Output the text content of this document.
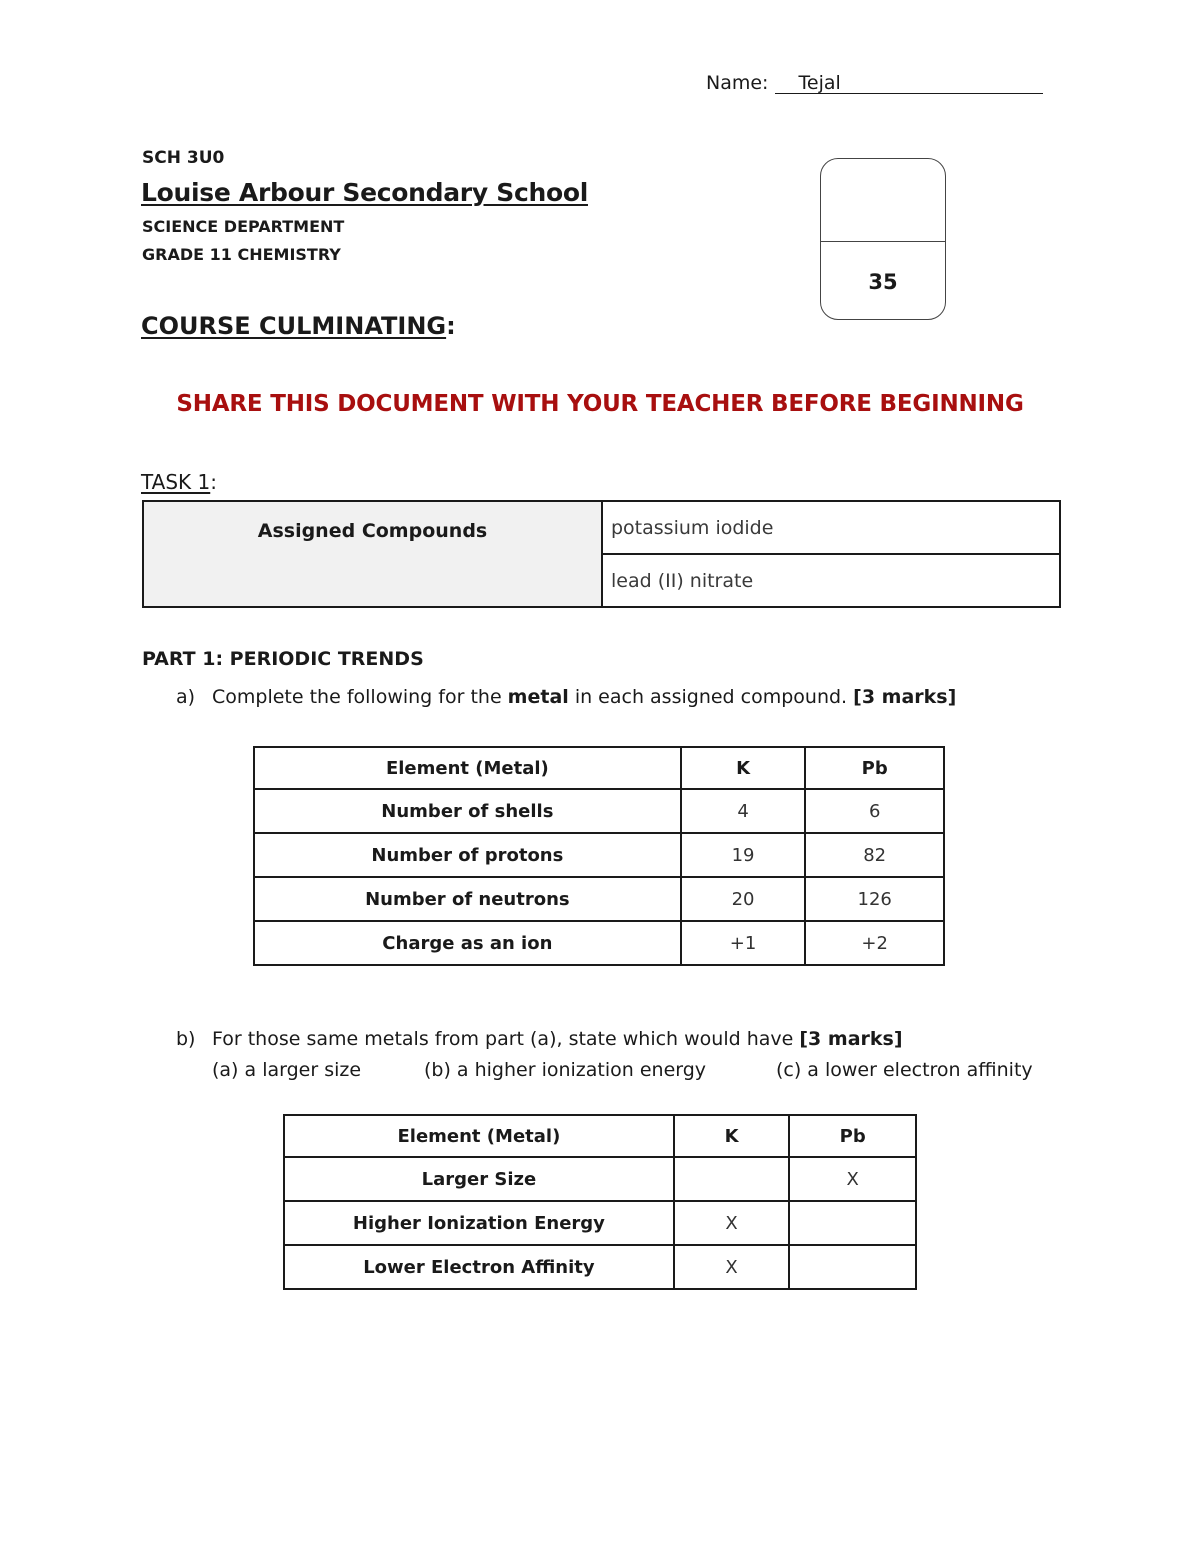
Name: Tejal
SCH 3U0
Louise Arbour Secondary School
SCIENCE DEPARTMENT
GRADE 11 CHEMISTRY
35
COURSE CULMINATING:
SHARE THIS DOCUMENT WITH YOUR TEACHER BEFORE BEGINNING
TASK 1:
Assigned Compounds	potassium iodide
lead (II) nitrate
PART 1: PERIODIC TRENDS
a) Complete the following for the metal in each assigned compound. [3 marks]
Element (Metal)	K	Pb
Number of shells	4	6
Number of protons	19	82
Number of neutrons	20	126
Charge as an ion	+1	+2
b) For those same metals from part (a), state which would have [3 marks]
(a) a larger size	(b) a higher ionization energy	(c) a lower electron affinity
Element (Metal)	K	Pb
Larger Size		X
Higher Ionization Energy	X	
Lower Electron Affinity	X	
